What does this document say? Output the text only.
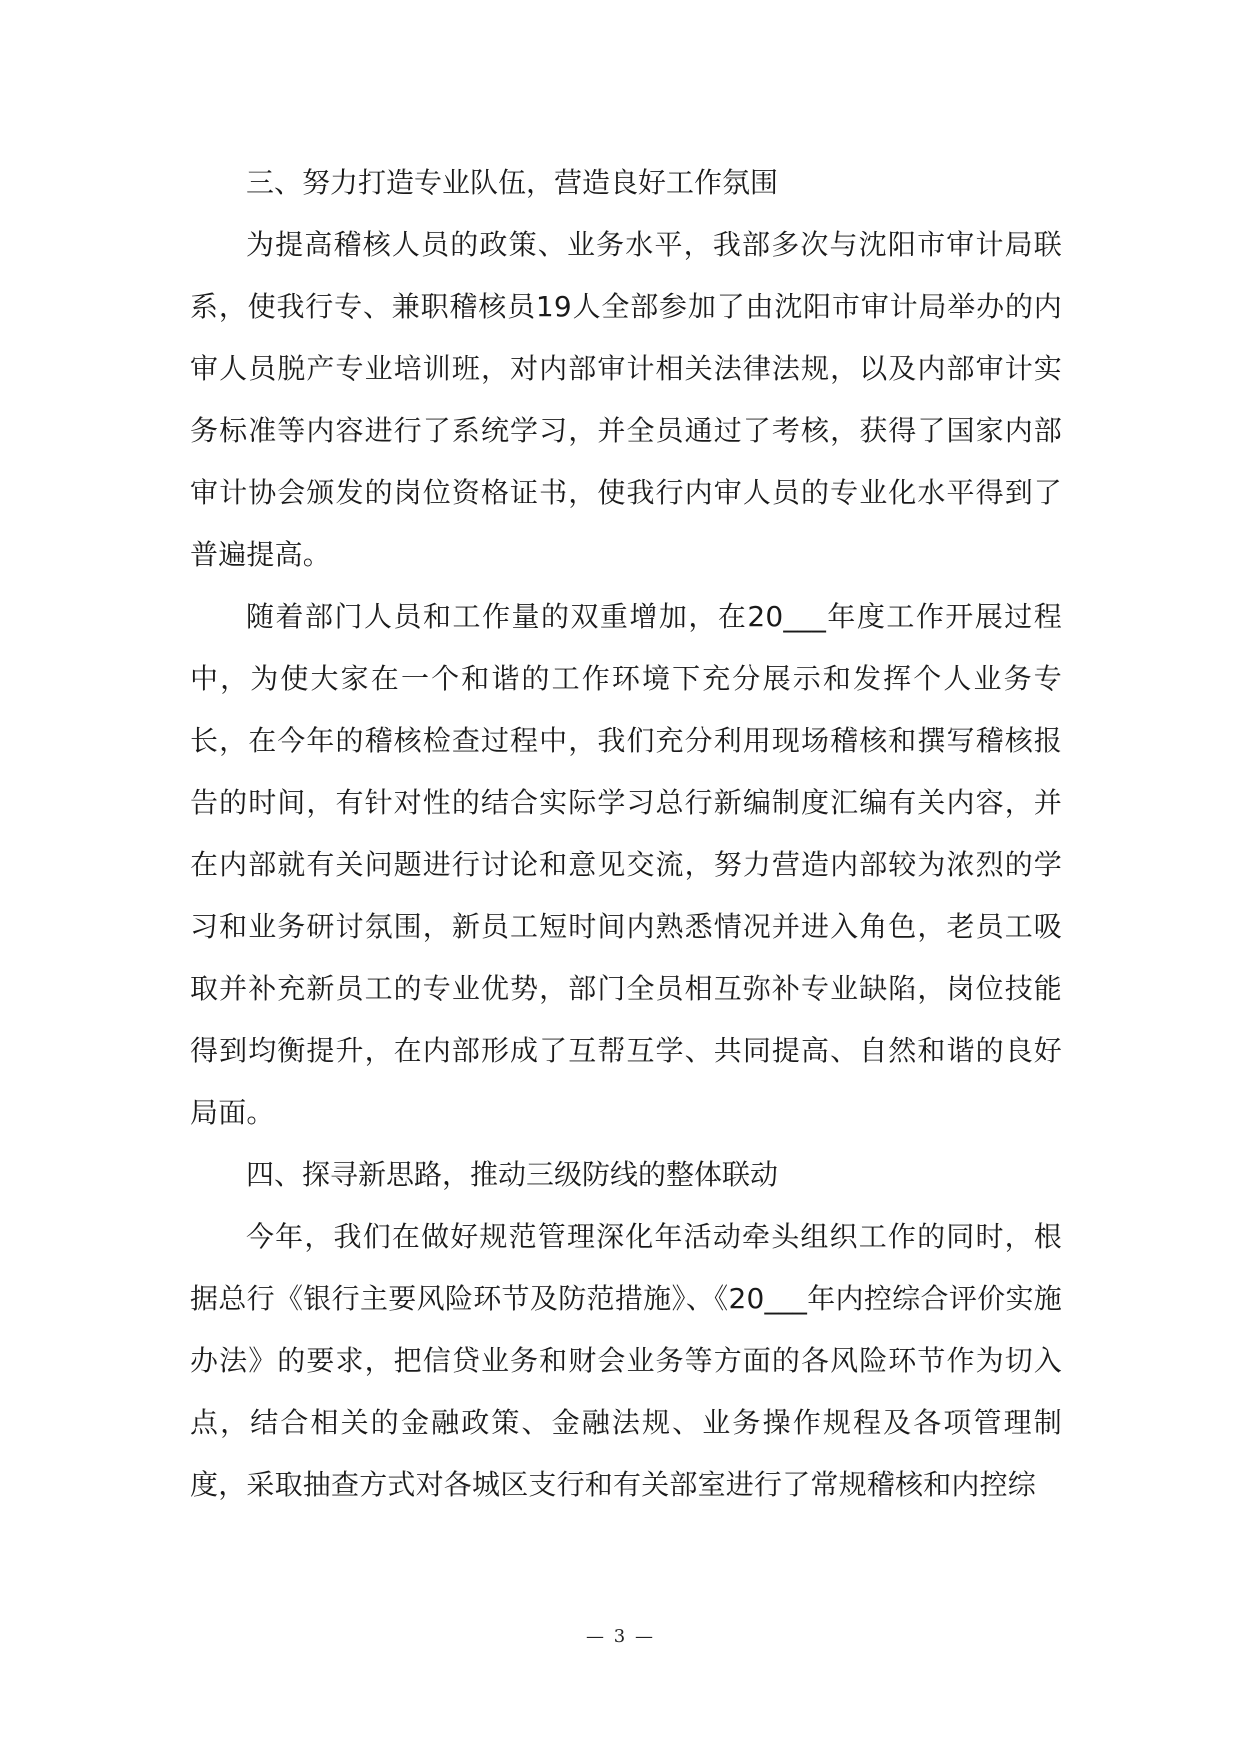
三、努力打造专业队伍，营造良好工作氛围

为提高稽核人员的政策、业务水平，我部多次与沈阳市审计局联系，使我行专、兼职稽核员19人全部参加了由沈阳市审计局举办的内审人员脱产专业培训班，对内部审计相关法律法规，以及内部审计实务标准等内容进行了系统学习，并全员通过了考核，获得了国家内部审计协会颁发的岗位资格证书，使我行内审人员的专业化水平得到了普遍提高。

随着部门人员和工作量的双重增加，在20___年度工作开展过程中，为使大家在一个和谐的工作环境下充分展示和发挥个人业务专长，在今年的稽核检查过程中，我们充分利用现场稽核和撰写稽核报告的时间，有针对性的结合实际学习总行新编制度汇编有关内容，并在内部就有关问题进行讨论和意见交流，努力营造内部较为浓烈的学习和业务研讨氛围，新员工短时间内熟悉情况并进入角色，老员工吸取并补充新员工的专业优势，部门全员相互弥补专业缺陷，岗位技能得到均衡提升，在内部形成了互帮互学、共同提高、自然和谐的良好局面。

四、探寻新思路，推动三级防线的整体联动

今年，我们在做好规范管理深化年活动牵头组织工作的同时，根据总行《银行主要风险环节及防范措施》、《20___年内控综合评价实施办法》的要求，把信贷业务和财会业务等方面的各风险环节作为切入点，结合相关的金融政策、金融法规、业务操作规程及各项管理制度，采取抽查方式对各城区支行和有关部室进行了常规稽核和内控综

— 3 —
